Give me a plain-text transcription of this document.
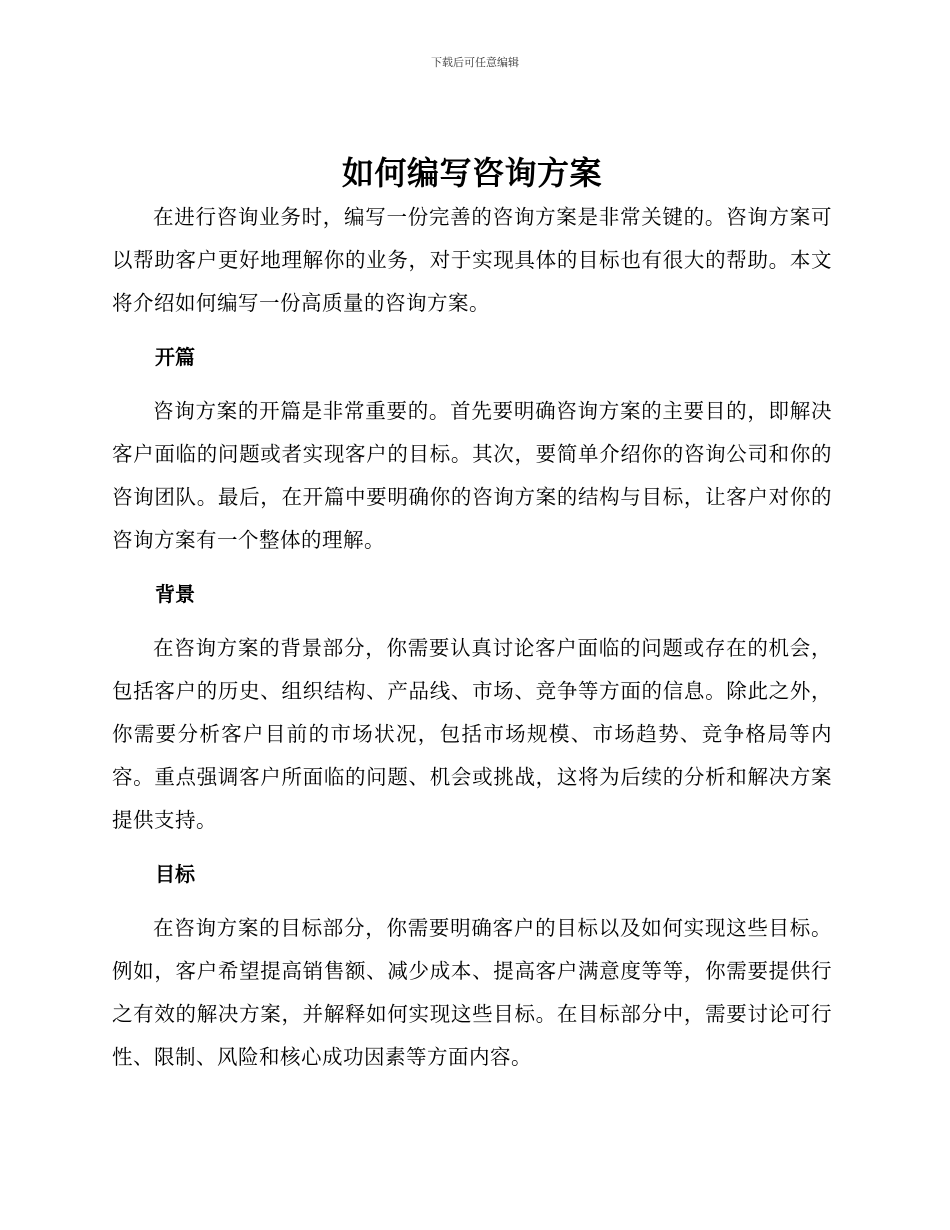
下载后可任意编辑
如何编写咨询方案

在进行咨询业务时，编写一份完善的咨询方案是非常关键的。咨询方案可以帮助客户更好地理解你的业务，对于实现具体的目标也有很大的帮助。本文将介绍如何编写一份高质量的咨询方案。

开篇

咨询方案的开篇是非常重要的。首先要明确咨询方案的主要目的，即解决客户面临的问题或者实现客户的目标。其次，要简单介绍你的咨询公司和你的咨询团队。最后，在开篇中要明确你的咨询方案的结构与目标，让客户对你的咨询方案有一个整体的理解。

背景

在咨询方案的背景部分，你需要认真讨论客户面临的问题或存在的机会，包括客户的历史、组织结构、产品线、市场、竞争等方面的信息。除此之外，你需要分析客户目前的市场状况，包括市场规模、市场趋势、竞争格局等内容。重点强调客户所面临的问题、机会或挑战，这将为后续的分析和解决方案提供支持。

目标

在咨询方案的目标部分，你需要明确客户的目标以及如何实现这些目标。例如，客户希望提高销售额、减少成本、提高客户满意度等等，你需要提供行之有效的解决方案，并解释如何实现这些目标。在目标部分中，需要讨论可行性、限制、风险和核心成功因素等方面内容。
